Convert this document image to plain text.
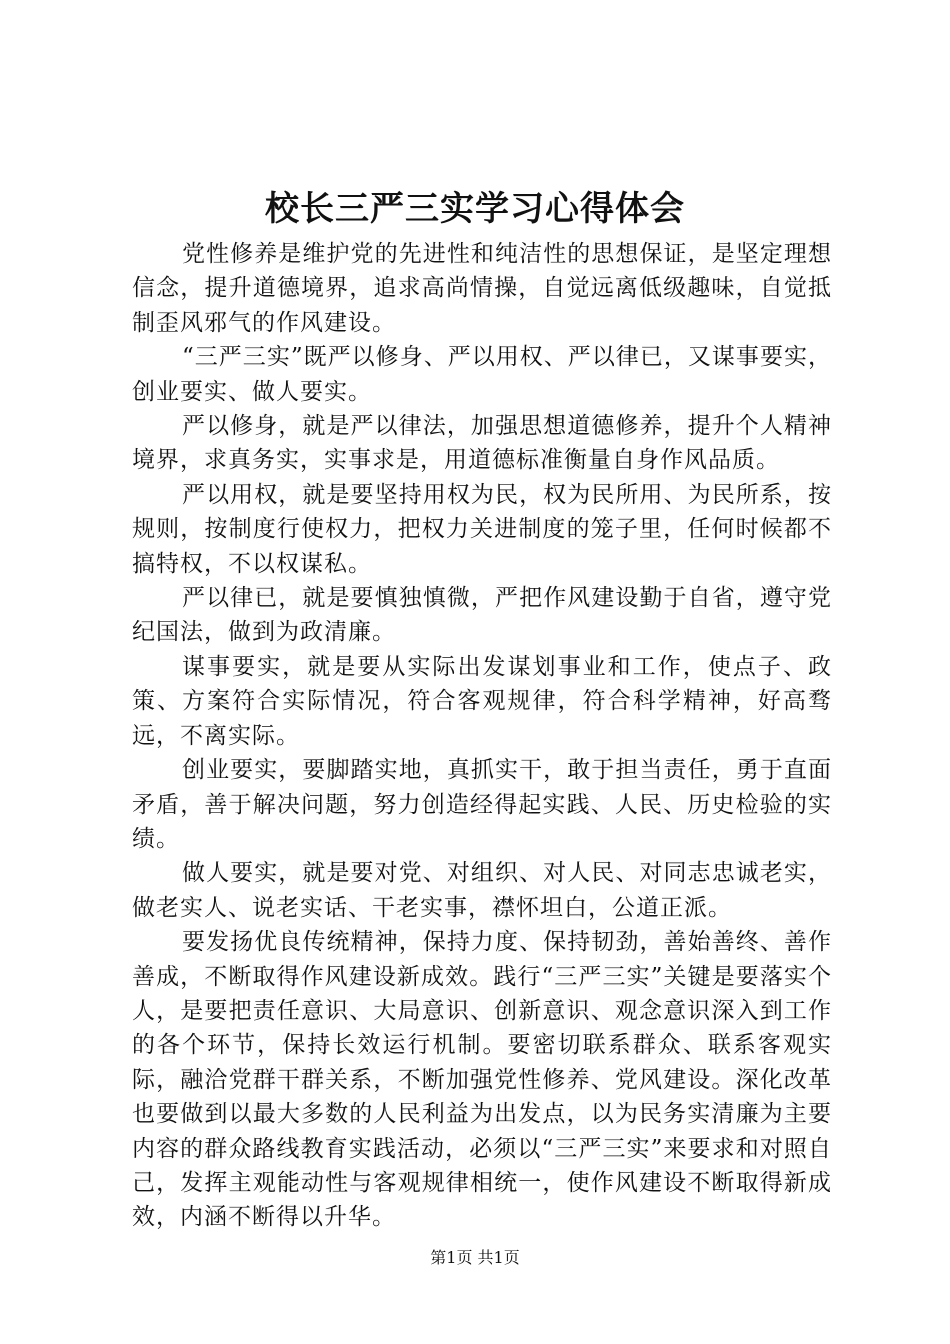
校长三严三实学习心得体会

党性修养是维护党的先进性和纯洁性的思想保证，是坚定理想信念，提升道德境界，追求高尚情操，自觉远离低级趣味，自觉抵制歪风邪气的作风建设。

“三严三实”既严以修身、严以用权、严以律已，又谋事要实，创业要实、做人要实。

严以修身，就是严以律法，加强思想道德修养，提升个人精神境界，求真务实，实事求是，用道德标准衡量自身作风品质。

严以用权，就是要坚持用权为民，权为民所用、为民所系，按规则，按制度行使权力，把权力关进制度的笼子里，任何时候都不搞特权，不以权谋私。

严以律已，就是要慎独慎微，严把作风建设勤于自省，遵守党纪国法，做到为政清廉。

谋事要实，就是要从实际出发谋划事业和工作，使点子、政策、方案符合实际情况，符合客观规律，符合科学精神，好高骛远，不离实际。

创业要实，要脚踏实地，真抓实干，敢于担当责任，勇于直面矛盾，善于解决问题，努力创造经得起实践、人民、历史检验的实绩。

做人要实，就是要对党、对组织、对人民、对同志忠诚老实，做老实人、说老实话、干老实事，襟怀坦白，公道正派。

要发扬优良传统精神，保持力度、保持韧劲，善始善终、善作善成，不断取得作风建设新成效。践行“三严三实”关键是要落实个人，是要把责任意识、大局意识、创新意识、观念意识深入到工作的各个环节，保持长效运行机制。要密切联系群众、联系客观实际，融洽党群干群关系，不断加强党性修养、党风建设。深化改革也要做到以最大多数的人民利益为出发点，以为民务实清廉为主要内容的群众路线教育实践活动，必须以“三严三实”来要求和对照自己，发挥主观能动性与客观规律相统一，使作风建设不断取得新成效，内涵不断得以升华。

第1页 共1页
